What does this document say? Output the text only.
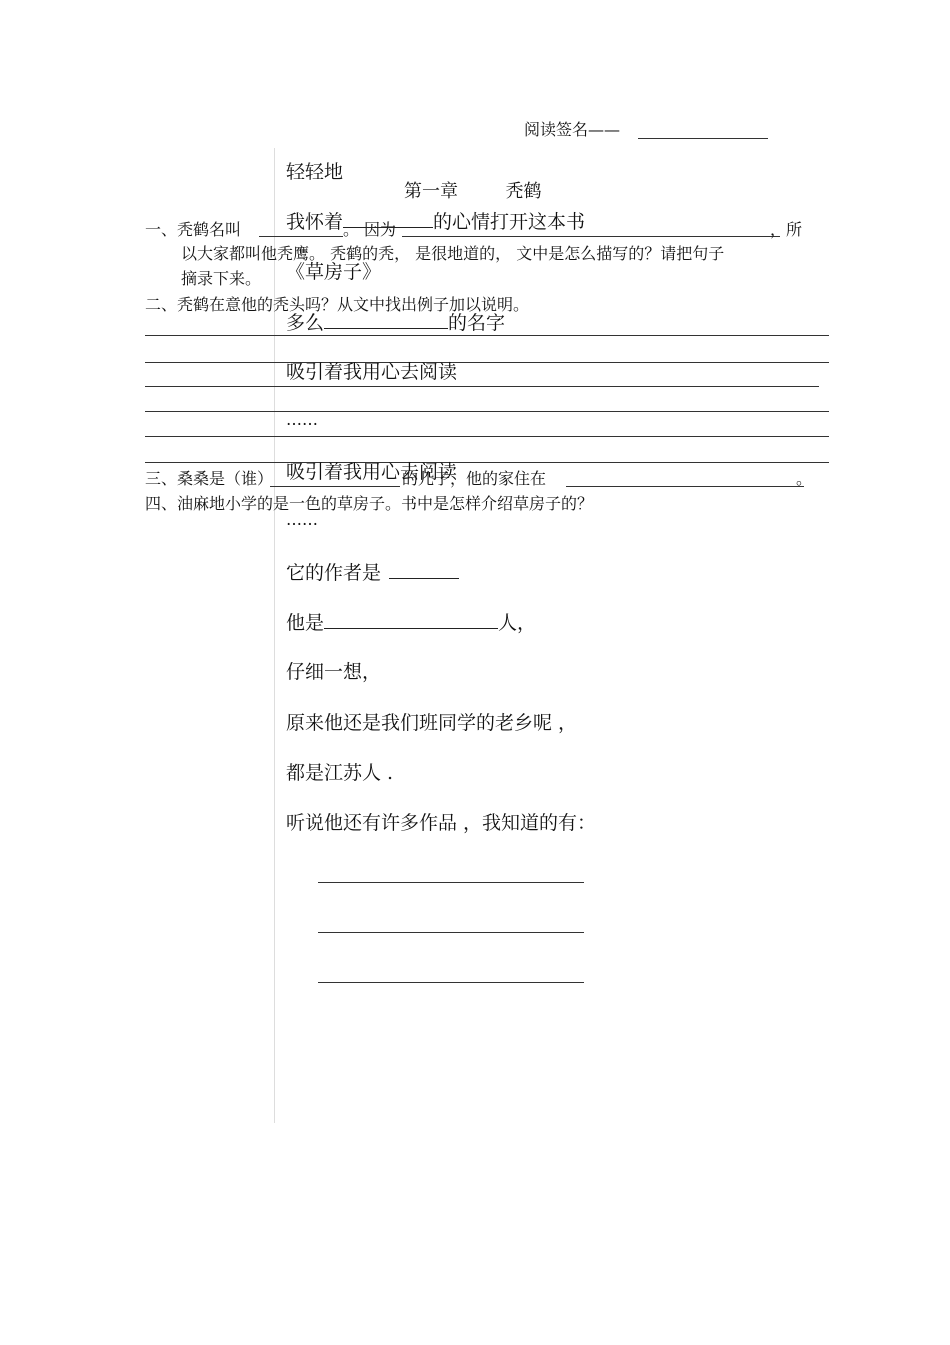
阅读签名——
第一章	秃鹤
一、秃鹤名叫	。 因为	，所
以大家都叫他秃鹰。 秃鹤的秃， 是很地道的， 文中是怎么描写的？请把句子
摘录下来。
二、秃鹤在意他的秃头吗？从文中找出例子加以说明。
三、桑桑是（谁）	的儿子，他的家住在	。
四、油麻地小学的是一色的草房子。书中是怎样介绍草房子的？
轻轻地
我怀着	的心情打开这本书
《草房子》
多么	的名字
吸引着我用心去阅读
……
吸引着我用心去阅读
……
它的作者是
他是	人，
仔细一想，
原来他还是我们班同学的老乡呢 ，
都是江苏人 .
听说他还有许多作品 ，我知道的有：
